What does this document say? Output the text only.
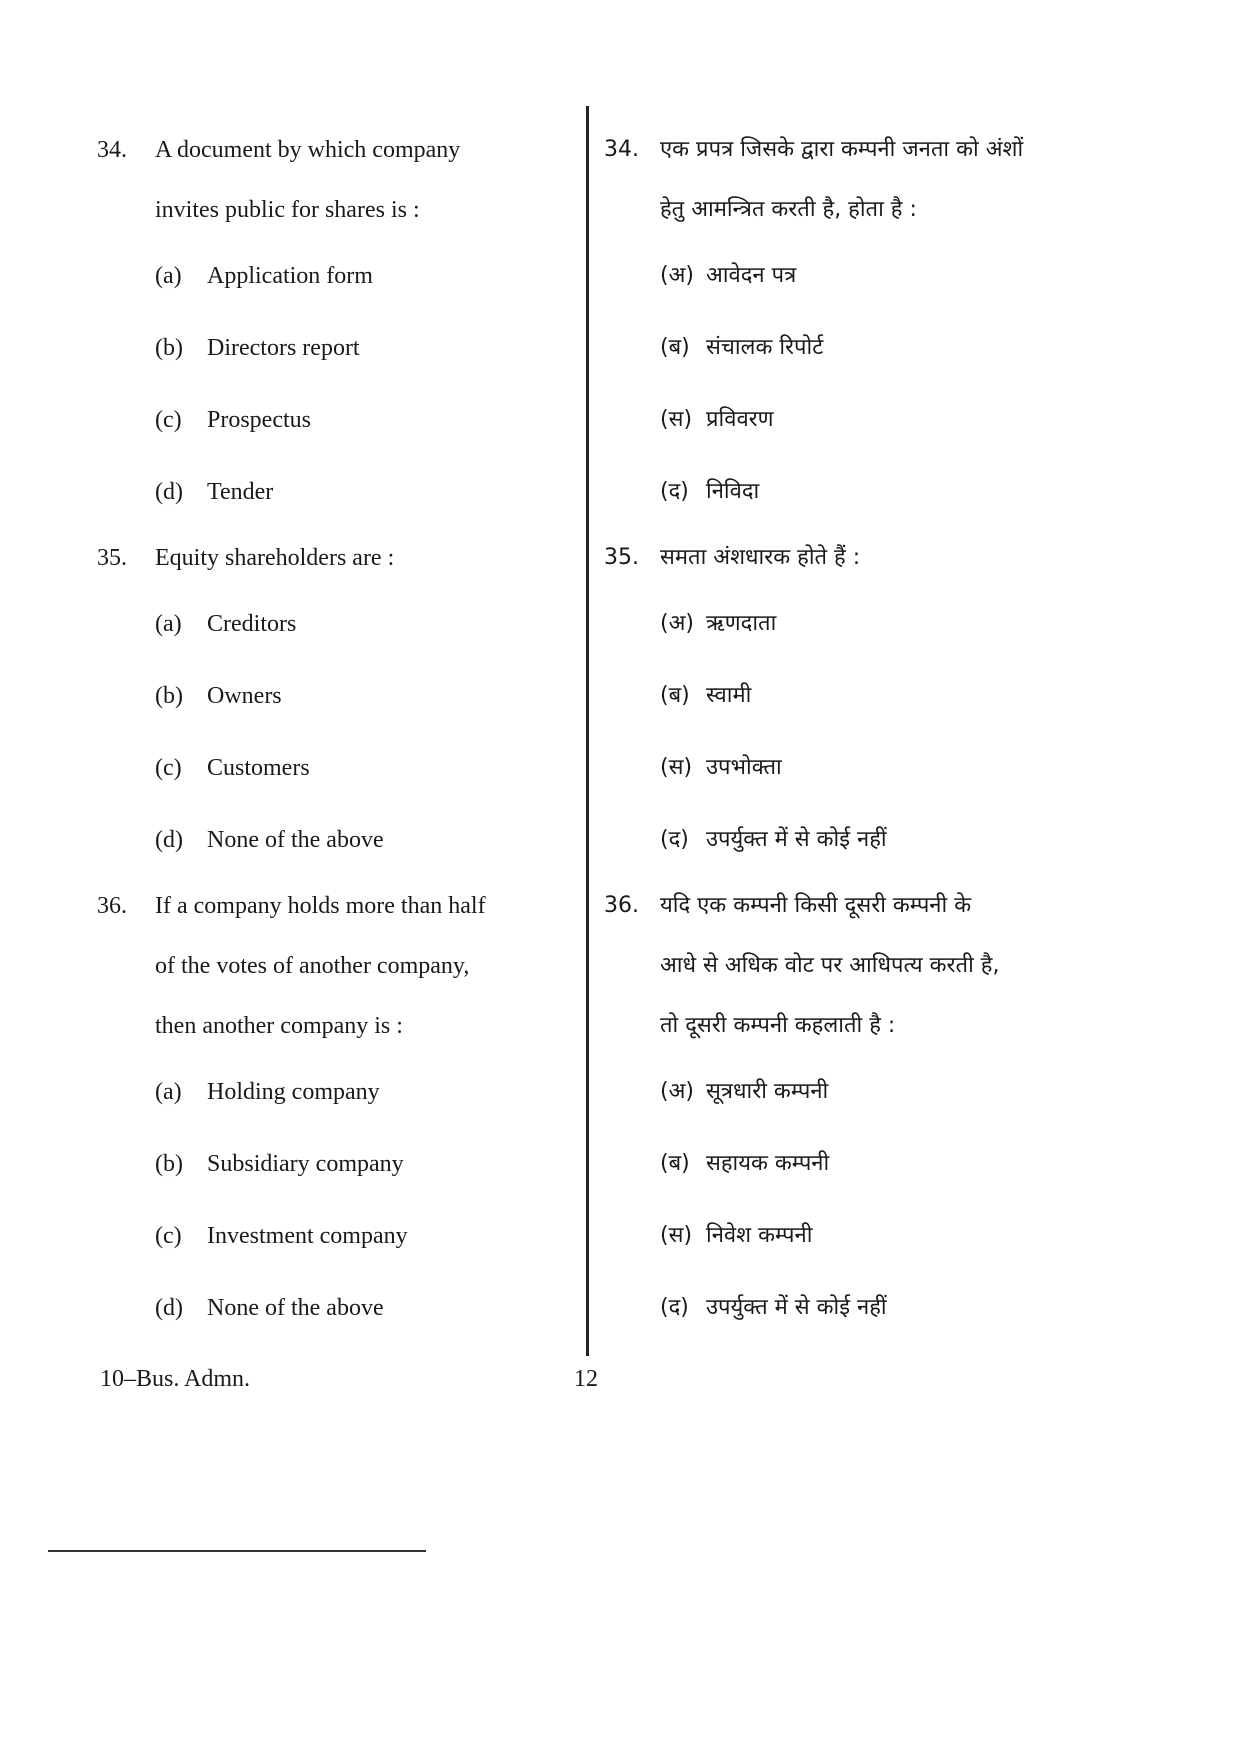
34.	A document by which company
invites public for shares is :
(a) Application form
(b) Directors report
(c) Prospectus
(d) Tender
35.	Equity shareholders are :
(a) Creditors
(b) Owners
(c) Customers
(d) None of the above
36.	If a company holds more than half
of the votes of another company,
then another company is :
(a) Holding company
(b) Subsidiary company
(c) Investment company
(d) None of the above
34. एक प्रपत्र जिसके द्वारा कम्पनी जनता को अंशों
हेतु आमन्त्रित करती है, होता है :
(अ) आवेदन पत्र
(ब) संचालक रिपोर्ट
(स) प्रविवरण
(द) निविदा
35. समता अंशधारक होते हैं :
(अ) ऋणदाता
(ब) स्वामी
(स) उपभोक्ता
(द) उपर्युक्त में से कोई नहीं
36. यदि एक कम्पनी किसी दूसरी कम्पनी के
आधे से अधिक वोट पर आधिपत्य करती है,
तो दूसरी कम्पनी कहलाती है :
(अ) सूत्रधारी कम्पनी
(ब) सहायक कम्पनी
(स) निवेश कम्पनी
(द) उपर्युक्त में से कोई नहीं
10–Bus. Admn.	12
